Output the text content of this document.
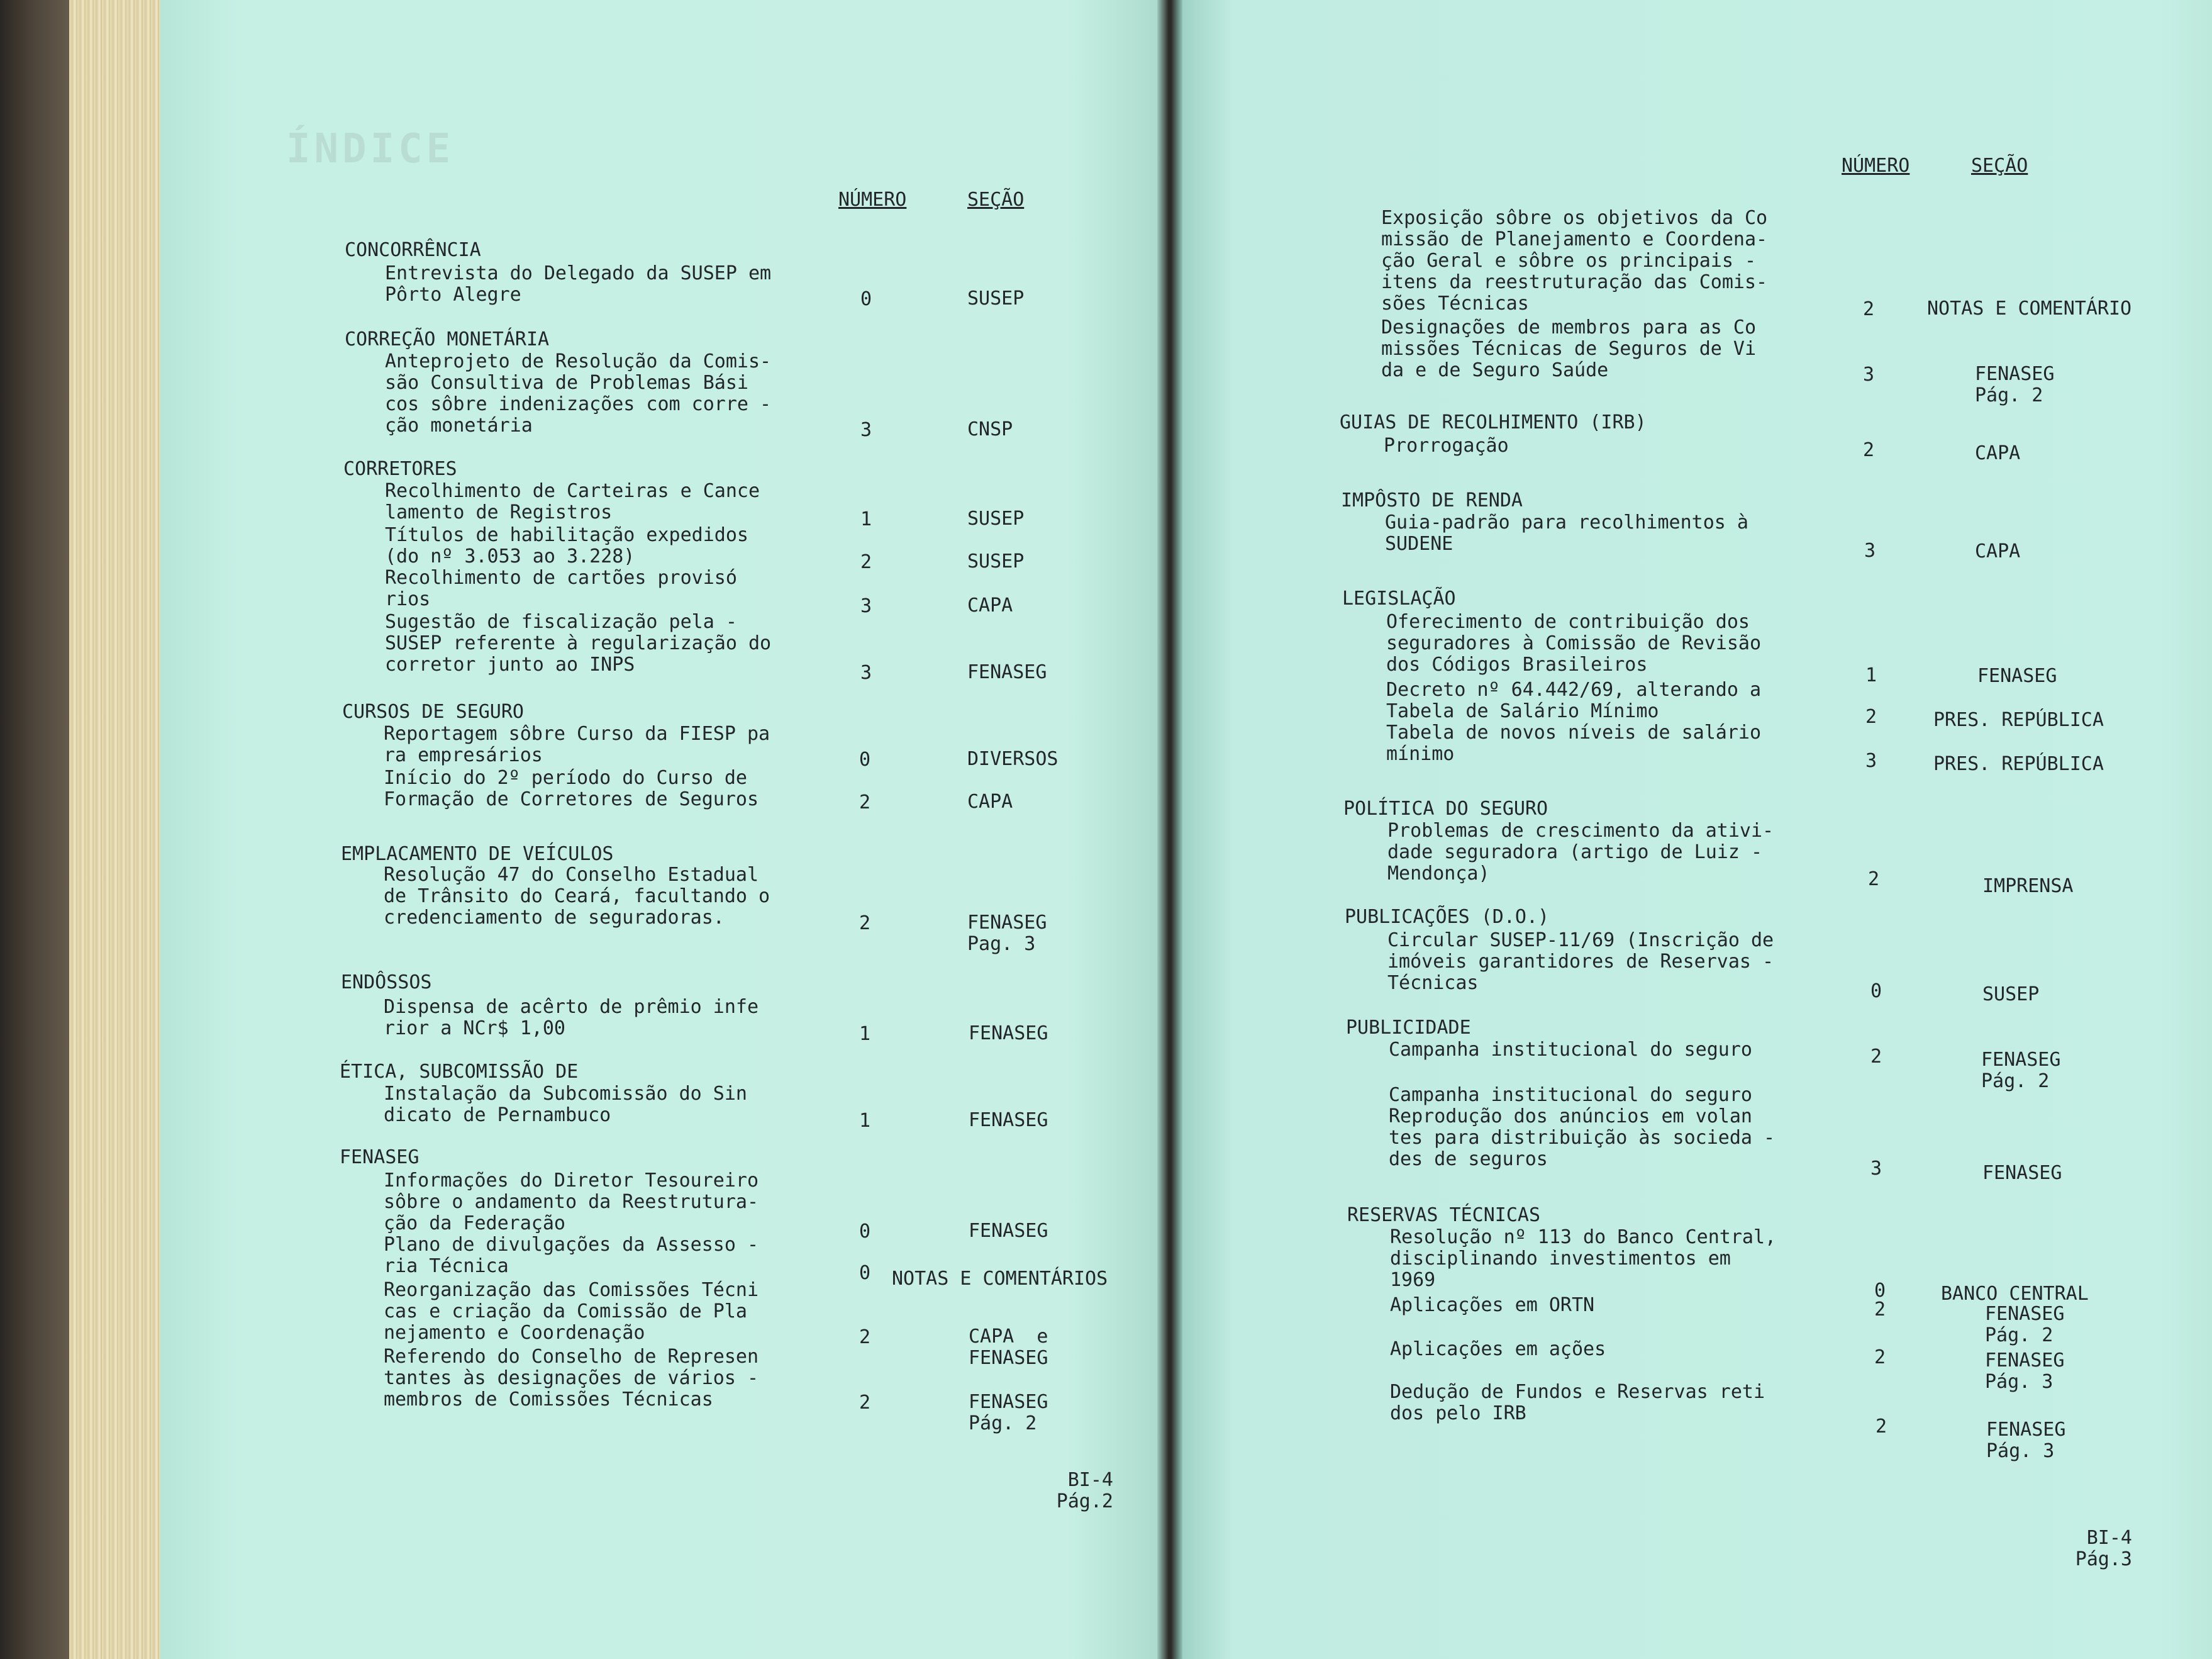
ÍNDICE
NÚMERO	SEÇÃO
CONCORRÊNCIA
Entrevista do Delegado da SUSEP em
Pôrto Alegre	0	SUSEP
CORREÇÃO MONETÁRIA
Anteprojeto de Resolução da Comis-
são Consultiva de Problemas Bási
cos sôbre indenizações com corre -
ção monetária	3	CNSP
CORRETORES
Recolhimento de Carteiras e Cance
lamento de Registros	1	SUSEP
Títulos de habilitação expedidos
(do nº 3.053 ao 3.228)	2	SUSEP
Recolhimento de cartões provisó
rios	3	CAPA
Sugestão de fiscalização pela -
SUSEP referente à regularização do
corretor junto ao INPS	3	FENASEG
CURSOS DE SEGURO
Reportagem sôbre Curso da FIESP pa
ra empresários	0	DIVERSOS
Início do 2º período do Curso de
Formação de Corretores de Seguros	2	CAPA
EMPLACAMENTO DE VEÍCULOS
Resolução 47 do Conselho Estadual
de Trânsito do Ceará, facultando o
credenciamento de seguradoras.	2	FENASEG
Pag. 3
ENDÔSSOS
Dispensa de acêrto de prêmio infe
rior a NCr$ 1,00	1	FENASEG
ÉTICA, SUBCOMISSÃO DE
Instalação da Subcomissão do Sin
dicato de Pernambuco	1	FENASEG
FENASEG
Informações do Diretor Tesoureiro
sôbre o andamento da Reestrutura-
ção da Federação	0	FENASEG
Plano de divulgações da Assesso -
ria Técnica	0 NOTAS E COMENTÁRIOS
Reorganização das Comissões Técni
cas e criação da Comissão de Pla
nejamento e Coordenação	2	CAPA  e
FENASEG
Referendo do Conselho de Represen
tantes às designações de vários -
membros de Comissões Técnicas	2	FENASEG
Pág. 2
BI-4
Pág.2
NÚMERO	SEÇÃO
Exposição sôbre os objetivos da Co
missão de Planejamento e Coordena-
ção Geral e sôbre os principais -
itens da reestruturação das Comis-
sões Técnicas	2	NOTAS E COMENTÁRIO
Designações de membros para as Co
missões Técnicas de Seguros de Vi
da e de Seguro Saúde	3	FENASEG
Pág. 2
GUIAS DE RECOLHIMENTO (IRB)
Prorrogação	2	CAPA
IMPÔSTO DE RENDA
Guia-padrão para recolhimentos à
SUDENE	3	CAPA
LEGISLAÇÃO
Oferecimento de contribuição dos
seguradores à Comissão de Revisão
dos Códigos Brasileiros	1	FENASEG
Decreto nº 64.442/69, alterando a
Tabela de Salário Mínimo	2	PRES. REPÚBLICA
Tabela de novos níveis de salário
mínimo	3	PRES. REPÚBLICA
POLÍTICA DO SEGURO
Problemas de crescimento da ativi-
dade seguradora (artigo de Luiz -
Mendonça)	2	IMPRENSA
PUBLICAÇÕES (D.O.)
Circular SUSEP-11/69 (Inscrição de
imóveis garantidores de Reservas -
Técnicas	0	SUSEP
PUBLICIDADE
Campanha institucional do seguro	2	FENASEG
Pág. 2
Campanha institucional do seguro
Reprodução dos anúncios em volan
tes para distribuição às socieda -
des de seguros	3	FENASEG
RESERVAS TÉCNICAS
Resolução nº 113 do Banco Central,
disciplinando investimentos em
1969	0	BANCO CENTRAL
Aplicações em ORTN	2	FENASEG
Pág. 2
Aplicações em ações	2	FENASEG
Pág. 3
Dedução de Fundos e Reservas reti
dos pelo IRB
2	FENASEG
Pág. 3
BI-4
Pág.3
